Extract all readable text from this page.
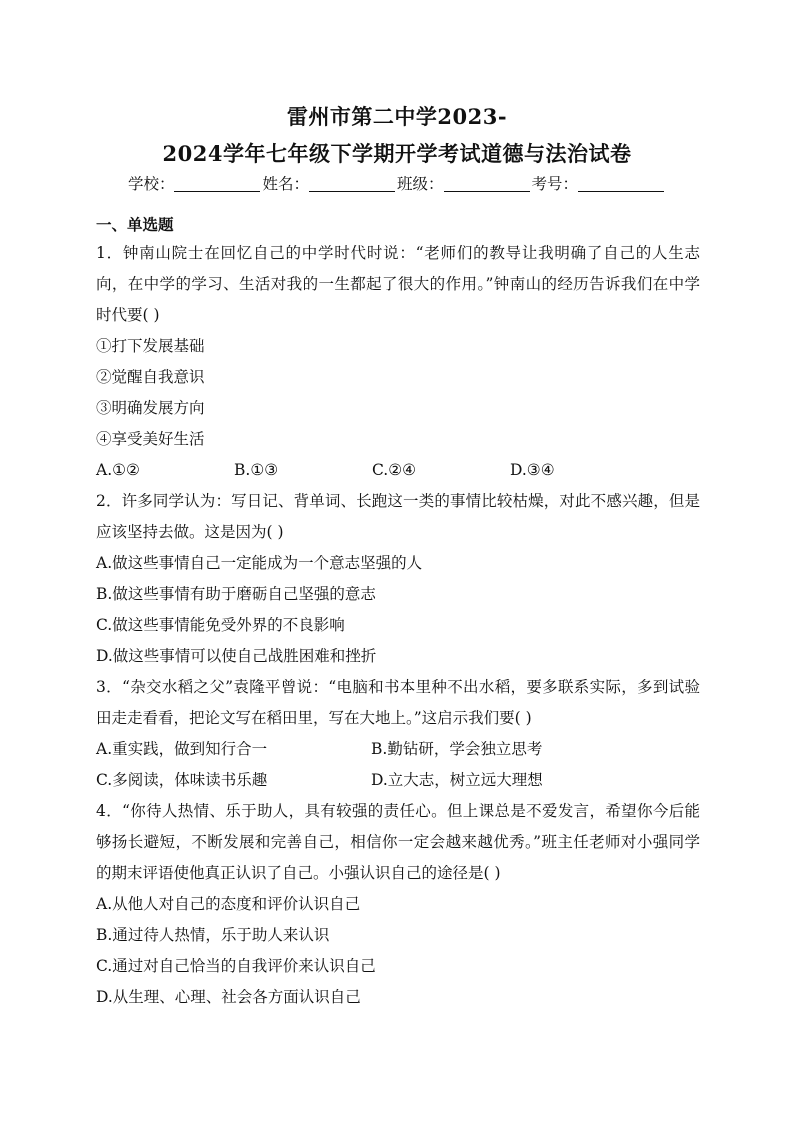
雷州市第二中学2023-
2024学年七年级下学期开学考试道德与法治试卷
学校：	姓名：	班级：	考号：
一、单选题
1．钟南山院士在回忆自己的中学时代时说：“老师们的教导让我明确了自己的人生志向，在中学的学习、生活对我的一生都起了很大的作用。”钟南山的经历告诉我们在中学时代要( )
①打下发展基础
②觉醒自我意识
③明确发展方向
④享受美好生活
A.①②	B.①③	C.②④	D.③④
2．许多同学认为：写日记、背单词、长跑这一类的事情比较枯燥，对此不感兴趣，但是应该坚持去做。这是因为( )
A.做这些事情自己一定能成为一个意志坚强的人
B.做这些事情有助于磨砺自己坚强的意志
C.做这些事情能免受外界的不良影响
D.做这些事情可以使自己战胜困难和挫折
3．“杂交水稻之父”袁隆平曾说：“电脑和书本里种不出水稻，要多联系实际，多到试验田走走看看，把论文写在稻田里，写在大地上。”这启示我们要( )
A.重实践，做到知行合一	B.勤钻研，学会独立思考
C.多阅读，体味读书乐趣	D.立大志，树立远大理想
4．“你待人热情、乐于助人，具有较强的责任心。但上课总是不爱发言，希望你今后能够扬长避短，不断发展和完善自己，相信你一定会越来越优秀。”班主任老师对小强同学的期末评语使他真正认识了自己。小强认识自己的途径是( )
A.从他人对自己的态度和评价认识自己
B.通过待人热情，乐于助人来认识
C.通过对自己恰当的自我评价来认识自己
D.从生理、心理、社会各方面认识自己
